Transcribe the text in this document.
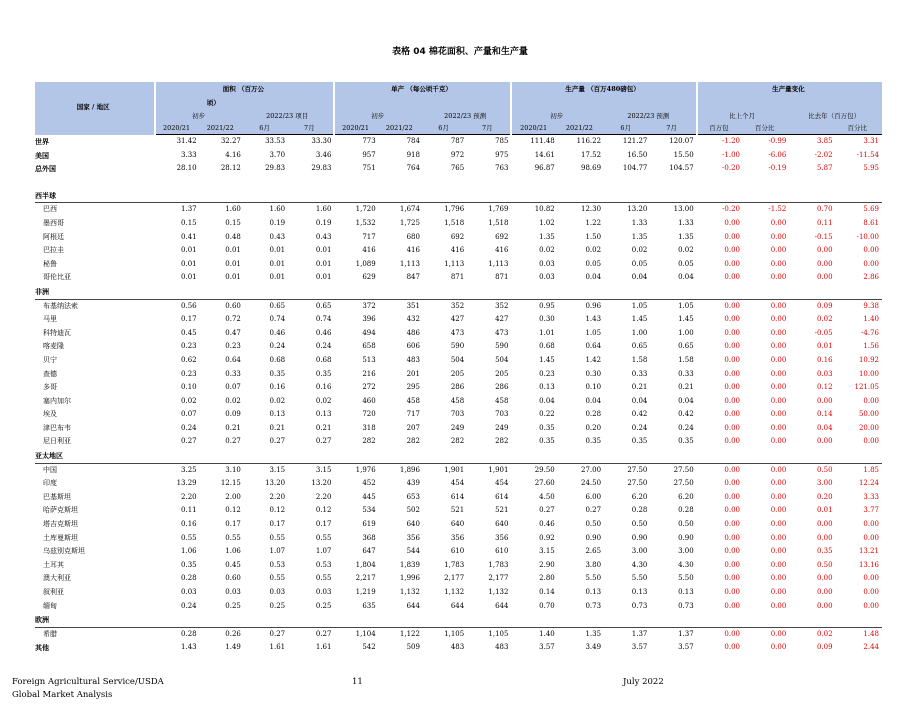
表格 04 棉花面积、产量和生产量
国家 / 地区	面积 （百万公
顷）				单产 （每公顷千克）				生产量 （百万480磅包）				生产量变化			
	初步		2022/23 项目		初步		2022/23 预测		初步		2022/23 预测		比上个月		比去年（百万包）	
	2020/21	2021/22	6月	7月	2020/21	2021/22	6月	7月	2020/21	2021/22	6月	7月	百万包	百分比		百分比
世界	31.42	32.27	33.53	33.30	773	784	787	785	111.48	116.22	121.27	120.07	-1.20	-0.99	3.85	3.31
美国	3.33	4.16	3.70	3.46	957	918	972	975	14.61	17.52	16.50	15.50	-1.00	-6.06	-2.02	-11.54
总外国	28.10	28.12	29.83	29.83	751	764	765	763	96.87	98.69	104.77	104.57	-0.20	-0.19	5.87	5.95

西半球																
巴西	1.37	1.60	1.60	1.60	1,720	1,674	1,796	1,769	10.82	12.30	13.20	13.00	-0.20	-1.52	0.70	5.69
墨西哥	0.15	0.15	0.19	0.19	1,532	1,725	1,518	1,518	1.02	1.22	1.33	1.33	0.00	0.00	0.11	8.61
阿根廷	0.41	0.48	0.43	0.43	717	680	692	692	1.35	1.50	1.35	1.35	0.00	0.00	-0.15	-10.00
巴拉圭	0.01	0.01	0.01	0.01	416	416	416	416	0.02	0.02	0.02	0.02	0.00	0.00	0.00	0.00
秘鲁	0.01	0.01	0.01	0.01	1,089	1,113	1,113	1,113	0.03	0.05	0.05	0.05	0.00	0.00	0.00	0.00
哥伦比亚	0.01	0.01	0.01	0.01	629	847	871	871	0.03	0.04	0.04	0.04	0.00	0.00	0.00	2.86
非洲																
布基纳法索	0.56	0.60	0.65	0.65	372	351	352	352	0.95	0.96	1.05	1.05	0.00	0.00	0.09	9.38
马里	0.17	0.72	0.74	0.74	396	432	427	427	0.30	1.43	1.45	1.45	0.00	0.00	0.02	1.40
科特迪瓦	0.45	0.47	0.46	0.46	494	486	473	473	1.01	1.05	1.00	1.00	0.00	0.00	-0.05	-4.76
喀麦隆	0.23	0.23	0.24	0.24	658	606	590	590	0.68	0.64	0.65	0.65	0.00	0.00	0.01	1.56
贝宁	0.62	0.64	0.68	0.68	513	483	504	504	1.45	1.42	1.58	1.58	0.00	0.00	0.16	10.92
查德	0.23	0.33	0.35	0.35	216	201	205	205	0.23	0.30	0.33	0.33	0.00	0.00	0.03	10.00
多哥	0.10	0.07	0.16	0.16	272	295	286	286	0.13	0.10	0.21	0.21	0.00	0.00	0.12	121.05
塞内加尔	0.02	0.02	0.02	0.02	460	458	458	458	0.04	0.04	0.04	0.04	0.00	0.00	0.00	0.00
埃及	0.07	0.09	0.13	0.13	720	717	703	703	0.22	0.28	0.42	0.42	0.00	0.00	0.14	50.00
津巴布韦	0.24	0.21	0.21	0.21	318	207	249	249	0.35	0.20	0.24	0.24	0.00	0.00	0.04	20.00
尼日利亚	0.27	0.27	0.27	0.27	282	282	282	282	0.35	0.35	0.35	0.35	0.00	0.00	0.00	0.00
亚太地区																
中国	3.25	3.10	3.15	3.15	1,976	1,896	1,901	1,901	29.50	27.00	27.50	27.50	0.00	0.00	0.50	1.85
印度	13.29	12.15	13.20	13.20	452	439	454	454	27.60	24.50	27.50	27.50	0.00	0.00	3.00	12.24
巴基斯坦	2.20	2.00	2.20	2.20	445	653	614	614	4.50	6.00	6.20	6.20	0.00	0.00	0.20	3.33
哈萨克斯坦	0.11	0.12	0.12	0.12	534	502	521	521	0.27	0.27	0.28	0.28	0.00	0.00	0.01	3.77
塔吉克斯坦	0.16	0.17	0.17	0.17	619	640	640	640	0.46	0.50	0.50	0.50	0.00	0.00	0.00	0.00
土库曼斯坦	0.55	0.55	0.55	0.55	368	356	356	356	0.92	0.90	0.90	0.90	0.00	0.00	0.00	0.00
乌兹别克斯坦	1.06	1.06	1.07	1.07	647	544	610	610	3.15	2.65	3.00	3.00	0.00	0.00	0.35	13.21
土耳其	0.35	0.45	0.53	0.53	1,804	1,839	1,783	1,783	2.90	3.80	4.30	4.30	0.00	0.00	0.50	13.16
澳大利亚	0.28	0.60	0.55	0.55	2,217	1,996	2,177	2,177	2.80	5.50	5.50	5.50	0.00	0.00	0.00	0.00
叙利亚	0.03	0.03	0.03	0.03	1,219	1,132	1,132	1,132	0.14	0.13	0.13	0.13	0.00	0.00	0.00	0.00
缅甸	0.24	0.25	0.25	0.25	635	644	644	644	0.70	0.73	0.73	0.73	0.00	0.00	0.00	0.00
欧洲																
希腊	0.28	0.26	0.27	0.27	1,104	1,122	1,105	1,105	1.40	1.35	1.37	1.37	0.00	0.00	0.02	1.48
其他	1.43	1.49	1.61	1.61	542	509	483	483	3.57	3.49	3.57	3.57	0.00	0.00	0.09	2.44
Foreign Agricultural Service/USDA
Global Market Analysis
11	July 2022
